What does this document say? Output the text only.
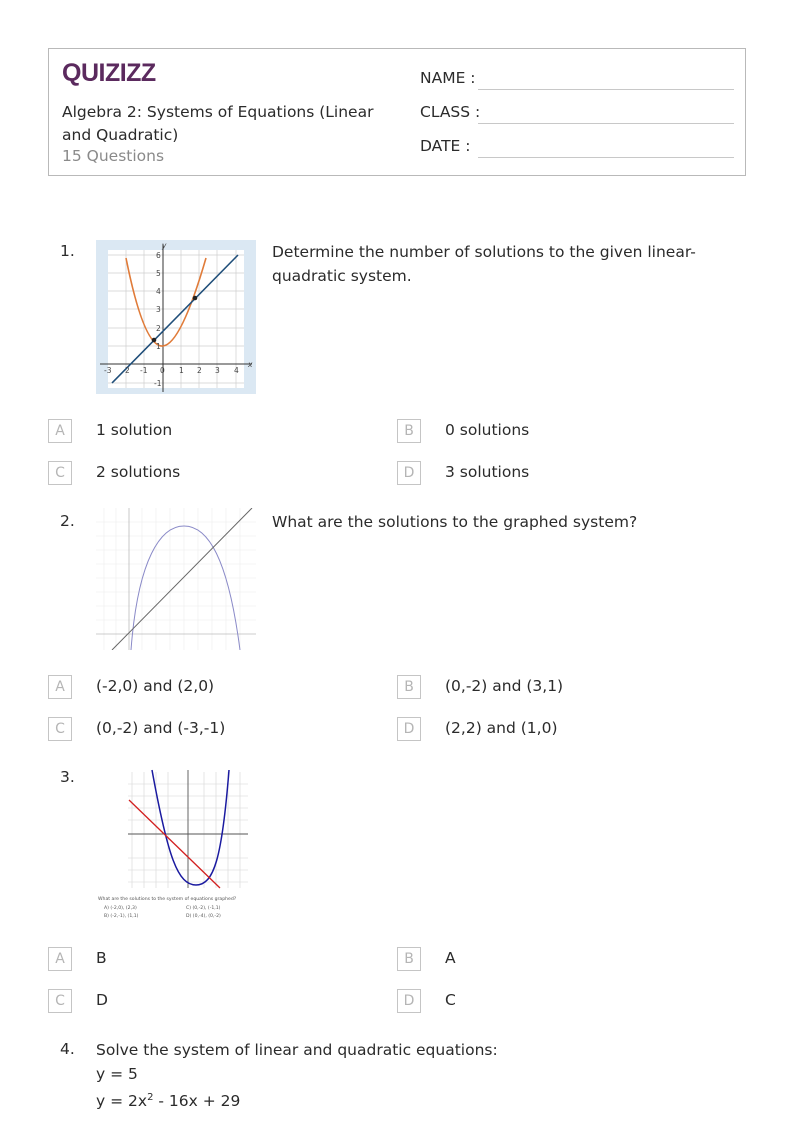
QUIZIZZ
Algebra 2: Systems of Equations (Linear and Quadratic)
15 Questions
NAME :
CLASS :
DATE :
1.
-3 2 -1 0 1 2 3 4
6
5
4
3
2
1
-1
x
y	Determine the number of solutions to the given linear-quadratic system.
A	1 solution	B	0 solutions
C	2 solutions	D	3 solutions
2.	What are the solutions to the graphed system?
A	(-2,0) and (2,0)	B	(0,-2) and (3,1)
C	(0,-2) and (-3,-1)	D	(2,2) and (1,0)
3.
What are the solutions to the system of equations graphed?
A) (-2,0), (2,3)	C) (0,-2), (-1,1)
B) (-2,-1), (1,1)	D) (0,-4), (0,-2)
A	B	B	A
C	D	D	C
4. Solve the system of linear and quadratic equations:
y = 5
$y = 2x^2 - 16x + 29$
